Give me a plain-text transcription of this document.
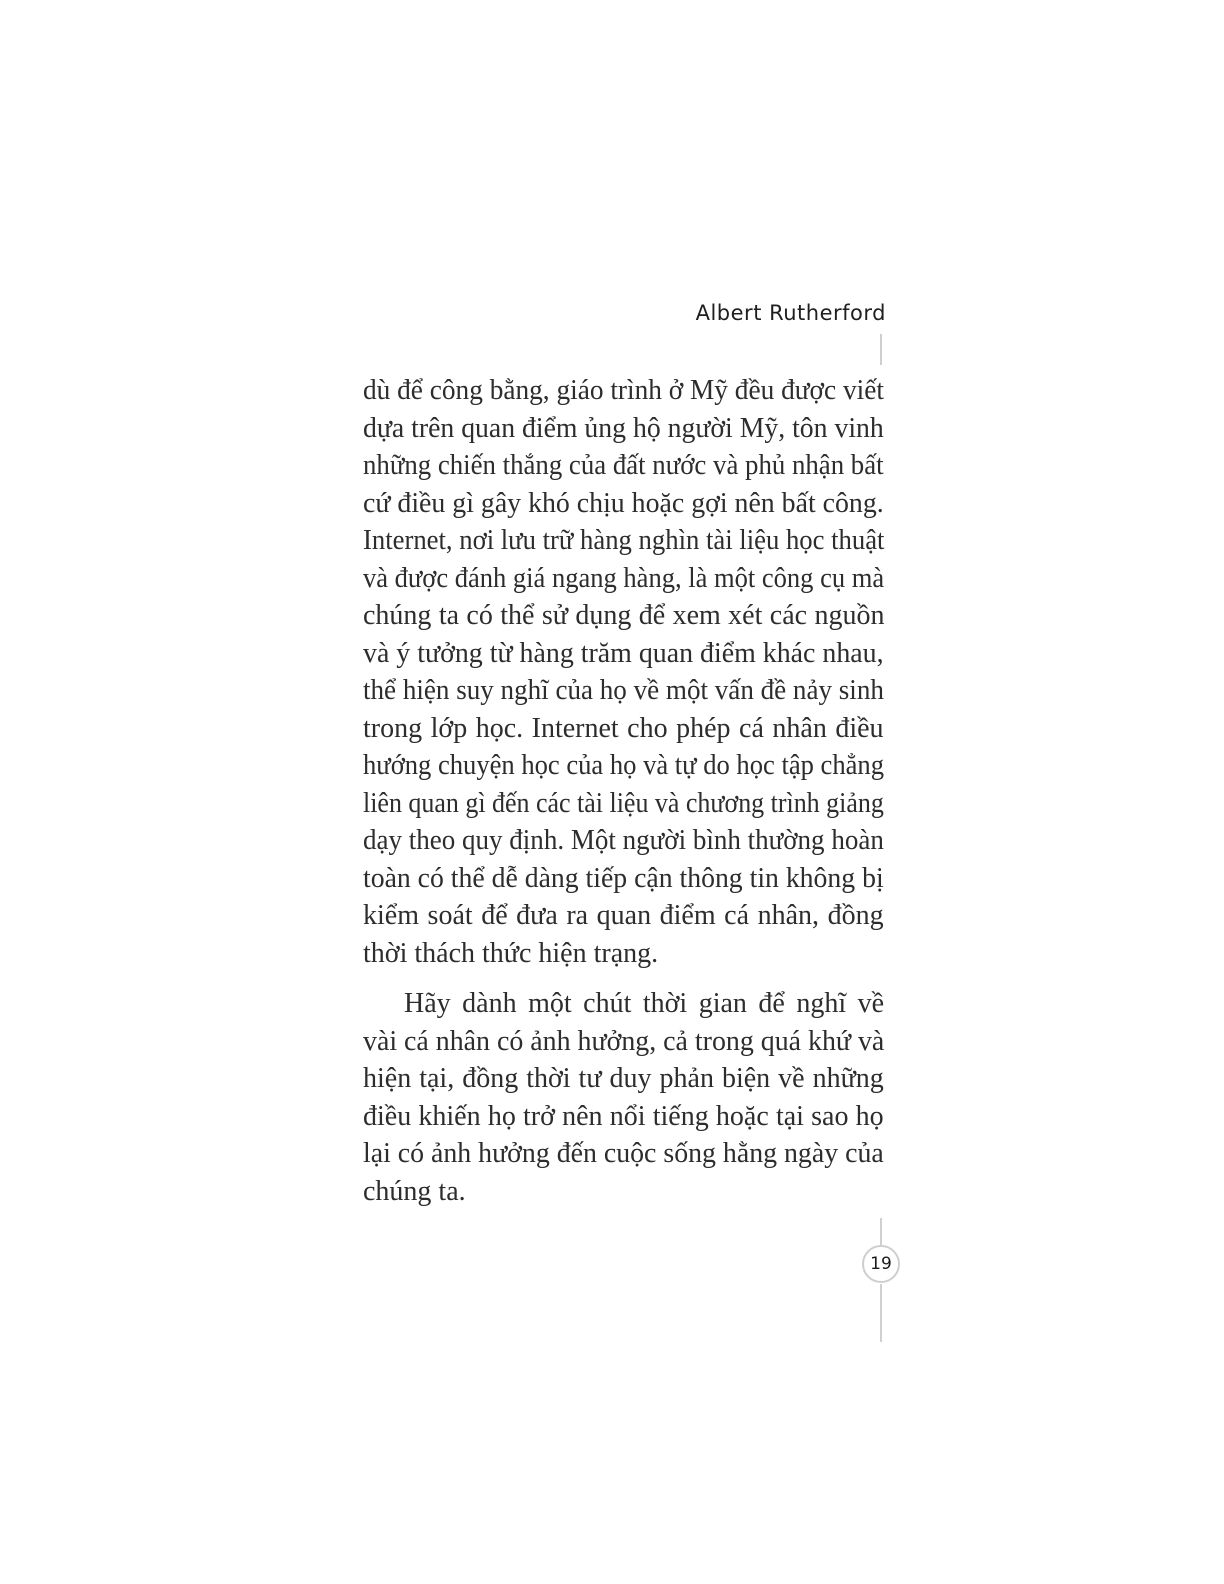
Albert Rutherford
dù để công bằng, giáo trình ở Mỹ đều được viết
dựa trên quan điểm ủng hộ người Mỹ, tôn vinh
những chiến thắng của đất nước và phủ nhận bất
cứ điều gì gây khó chịu hoặc gợi nên bất công.
Internet, nơi lưu trữ hàng nghìn tài liệu học thuật
và được đánh giá ngang hàng, là một công cụ mà
chúng ta có thể sử dụng để xem xét các nguồn
và ý tưởng từ hàng trăm quan điểm khác nhau,
thể hiện suy nghĩ của họ về một vấn đề nảy sinh
trong lớp học. Internet cho phép cá nhân điều
hướng chuyện học của họ và tự do học tập chẳng
liên quan gì đến các tài liệu và chương trình giảng
dạy theo quy định. Một người bình thường hoàn
toàn có thể dễ dàng tiếp cận thông tin không bị
kiểm soát để đưa ra quan điểm cá nhân, đồng
thời thách thức hiện trạng.
Hãy dành một chút thời gian để nghĩ về
vài cá nhân có ảnh hưởng, cả trong quá khứ và
hiện tại, đồng thời tư duy phản biện về những
điều khiến họ trở nên nổi tiếng hoặc tại sao họ
lại có ảnh hưởng đến cuộc sống hằng ngày của
chúng ta.
19
